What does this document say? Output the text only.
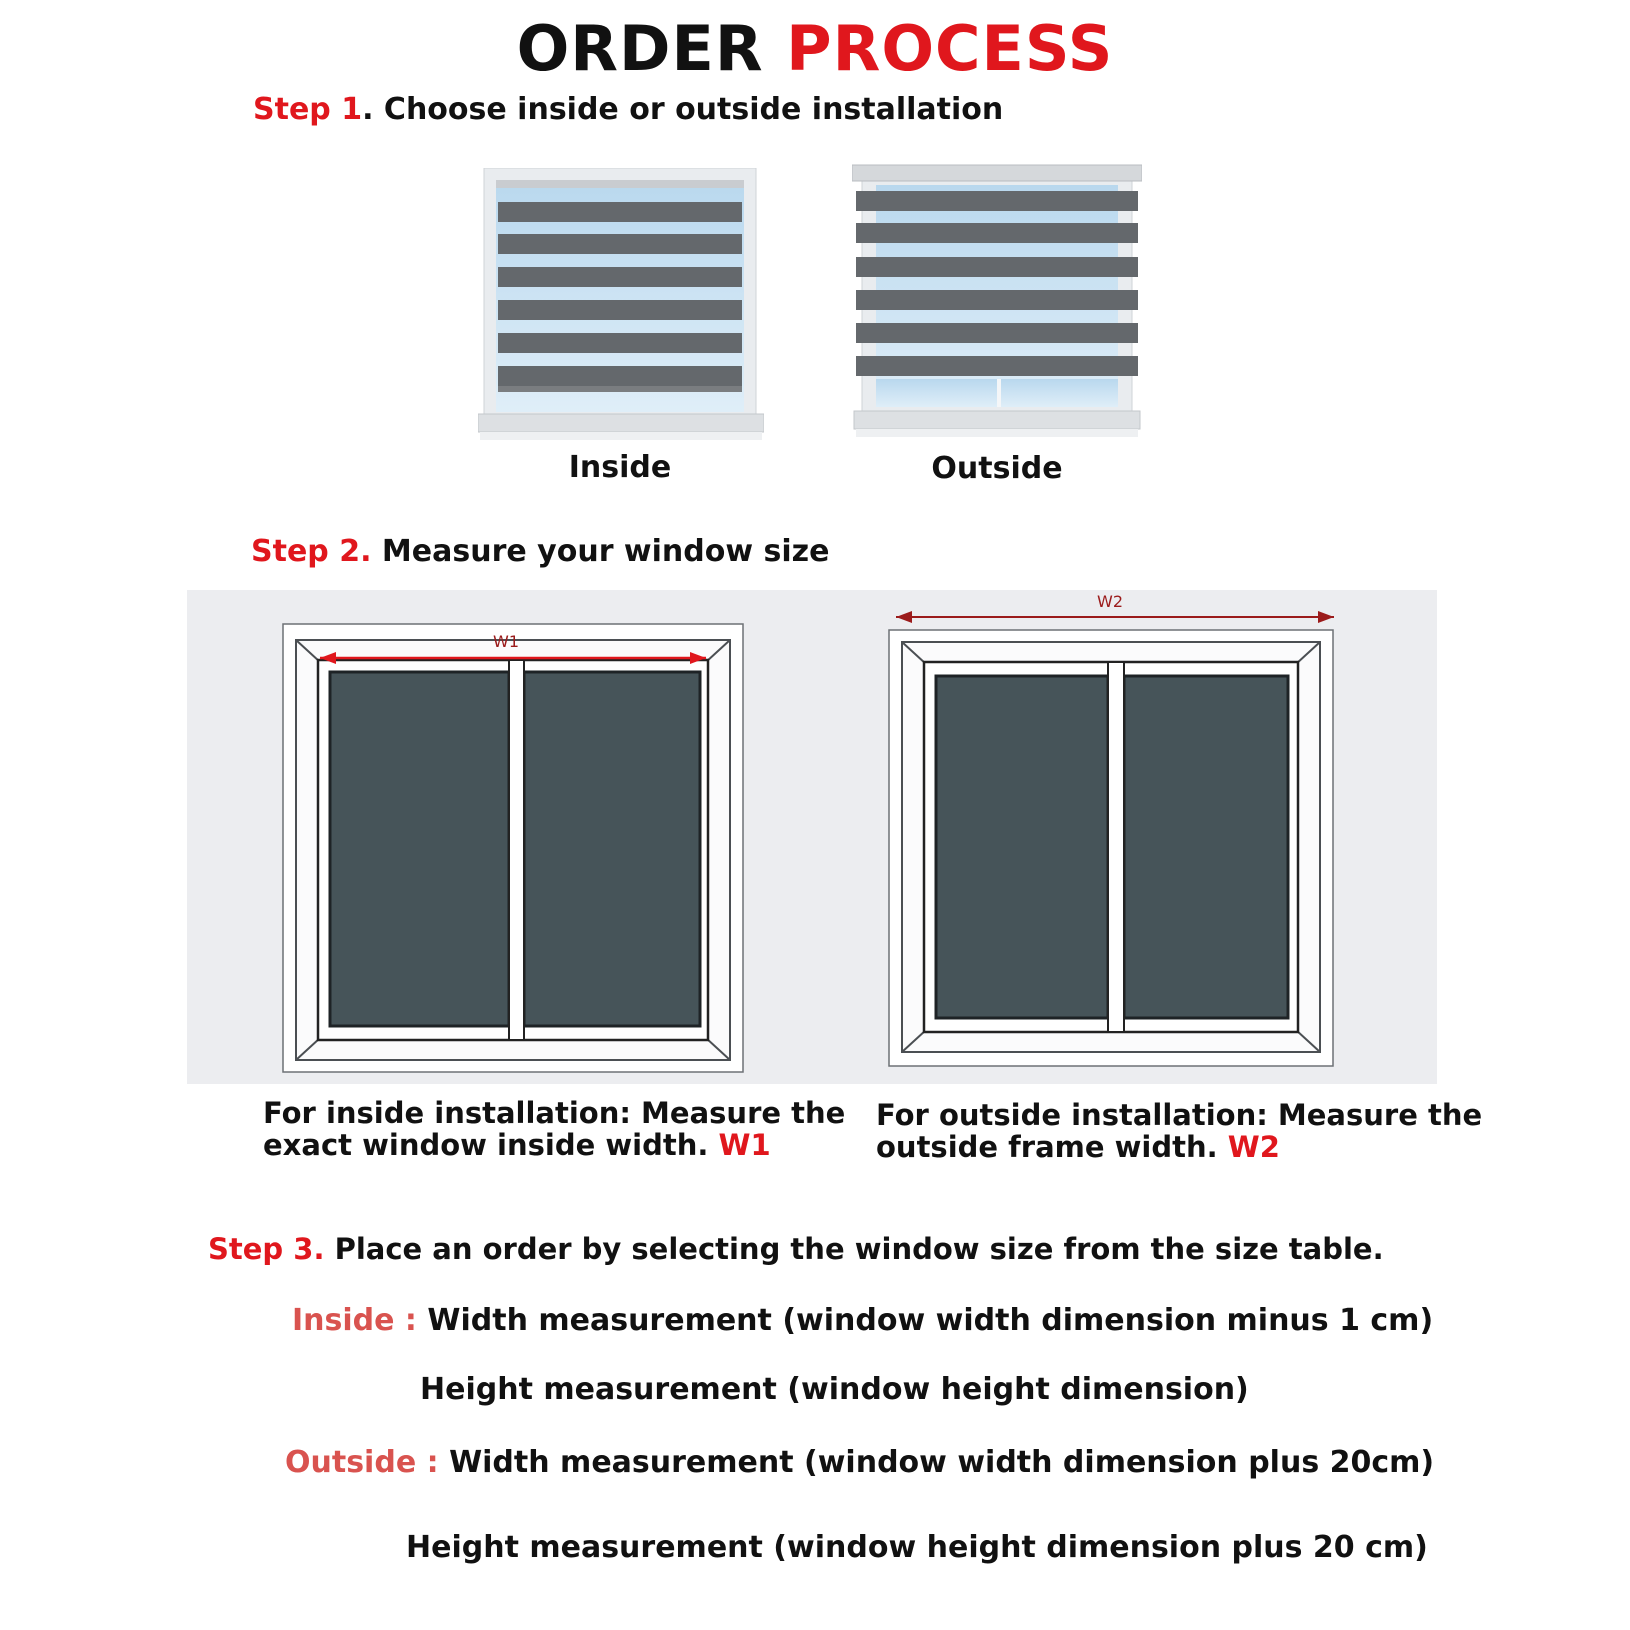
ORDER PROCESS
Step 1. Choose inside or outside installation
Inside	Outside
Step 2. Measure your window size
W1
W2
For inside installation: Measure the
exact window inside width. W1
For outside installation: Measure the
outside frame width. W2
Step 3. Place an order by selecting the window size from the size table.
Inside : Width measurement (window width dimension minus 1 cm)
Height measurement (window height dimension)
Outside : Width measurement (window width dimension plus 20cm)
Height measurement (window height dimension plus 20 cm)
